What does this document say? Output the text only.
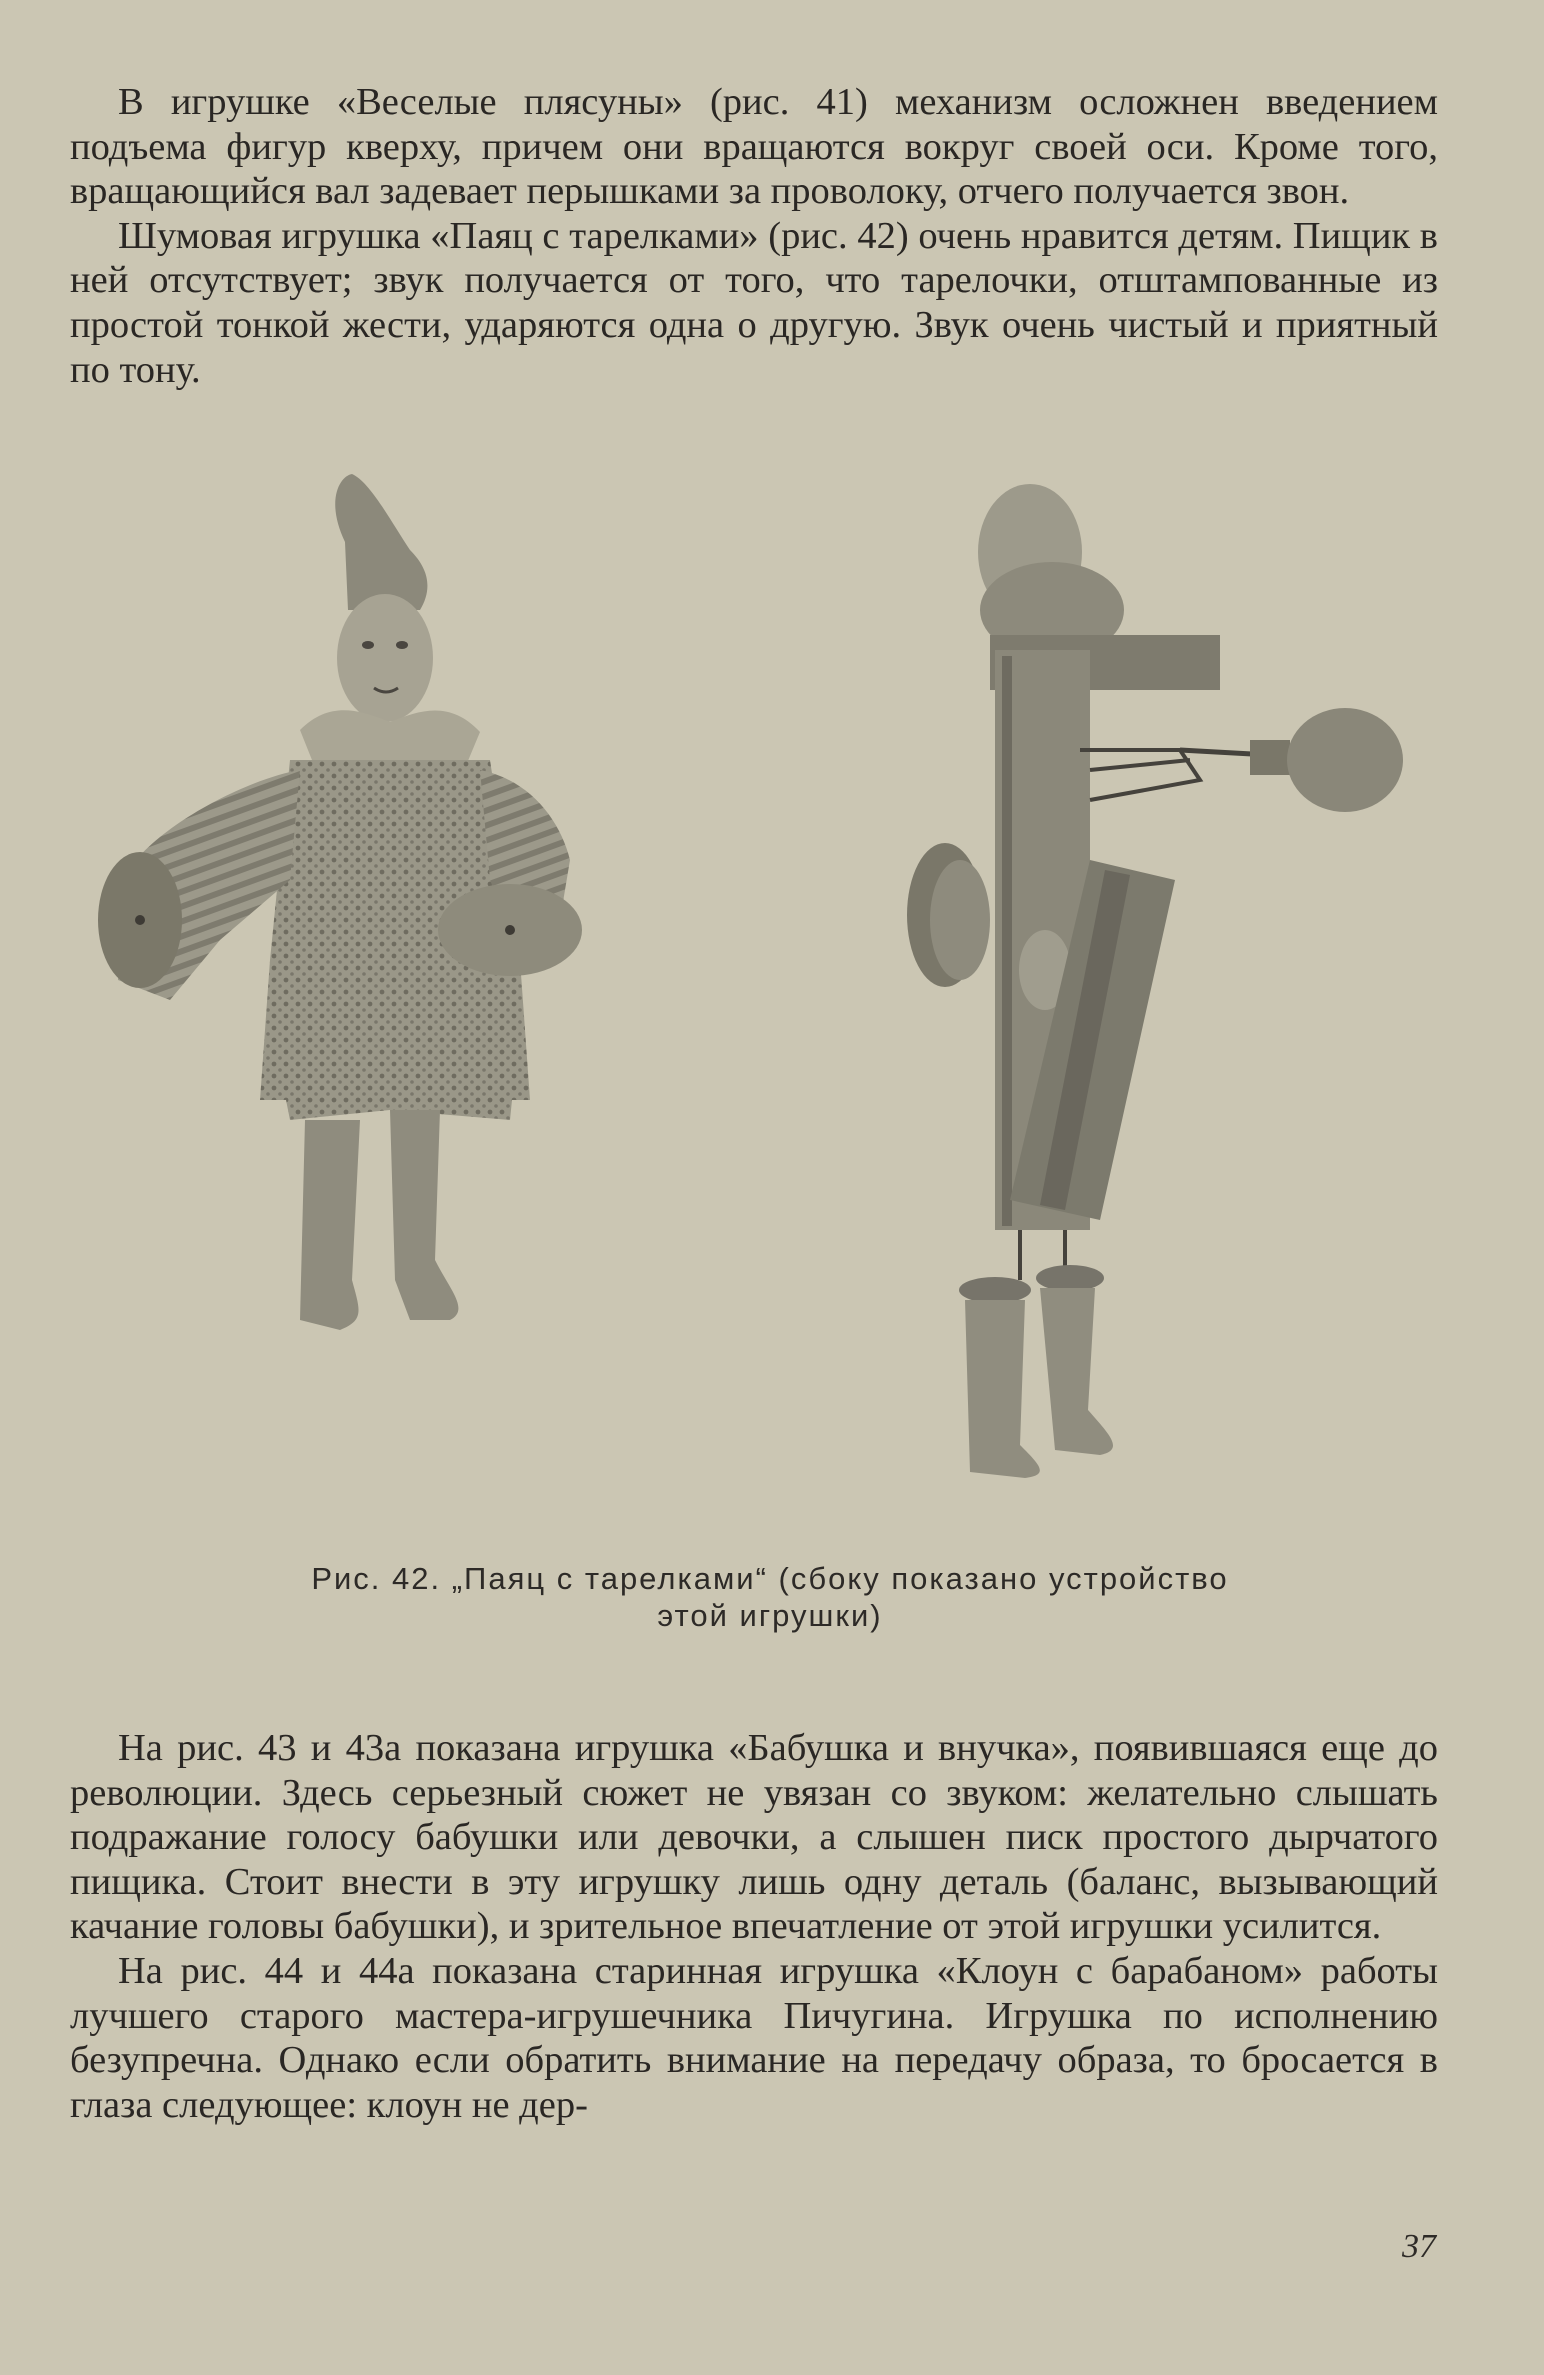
В игрушке «Веселые плясуны» (рис. 41) механизм осложнен введением подъема фигур кверху, причем они вращаются вокруг своей оси. Кроме того, вращающийся вал задевает перышками за проволоку, отчего получается звон.

Шумовая игрушка «Паяц с тарелками» (рис. 42) очень нравится детям. Пищик в ней отсутствует; звук получается от того, что тарелочки, отштампованные из простой тонкой жести, ударяются одна о другую. Звук очень чистый и приятный по тону.

Рис. 42. „Паяц с тарелками“ (сбоку показано устройство
этой игрушки)

На рис. 43 и 43а показана игрушка «Бабушка и внучка», появившаяся еще до революции. Здесь серьезный сюжет не увязан со звуком: желательно слышать подражание голосу бабушки или девочки, а слышен писк простого дырчатого пищика. Стоит внести в эту игрушку лишь одну деталь (баланс, вызывающий качание головы бабушки), и зрительное впечатление от этой игрушки усилится.

На рис. 44 и 44а показана старинная игрушка «Клоун с барабаном» работы лучшего старого мастера-игрушечника Пичугина. Игрушка по исполнению безупречна. Однако если обратить внимание на передачу образа, то бросается в глаза следующее: клоун не дер-

37
